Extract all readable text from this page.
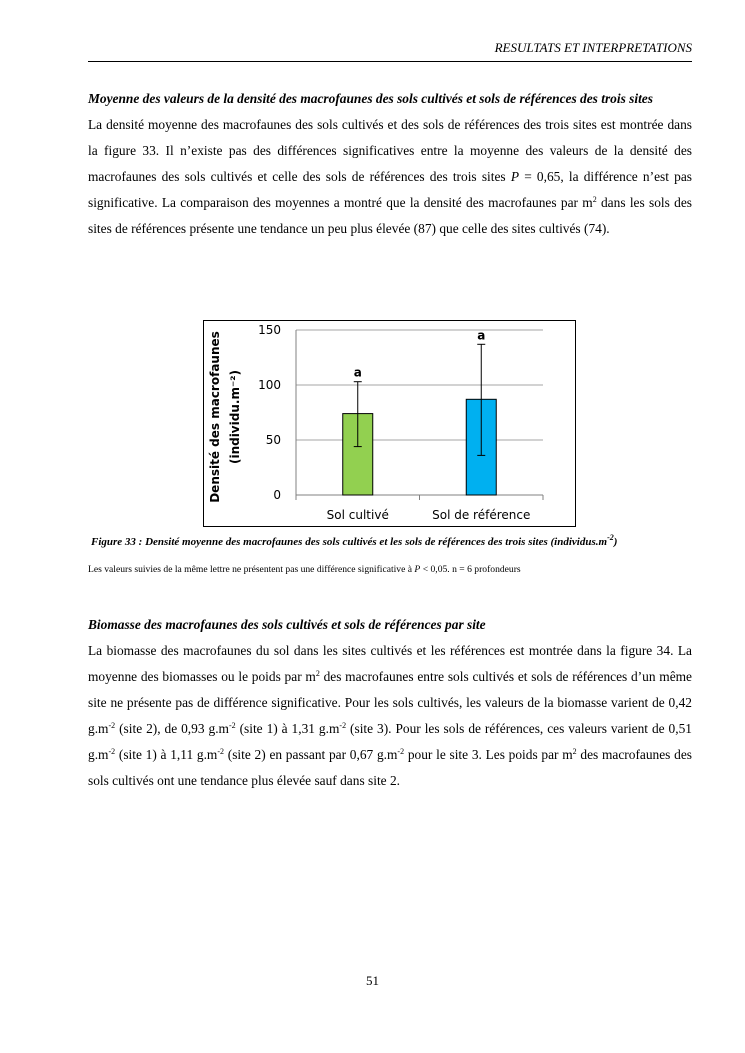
RESULTATS ET INTERPRETATIONS
Moyenne des valeurs de la densité des macrofaunes des sols cultivés et sols de références des trois sites

La densité moyenne des macrofaunes des sols cultivés et des sols de références des trois sites est montrée dans la figure 33. Il n’existe pas des différences significatives entre la moyenne des valeurs de la densité des macrofaunes des sols cultivés et celle des sols de références des trois sites P = 0,65, la différence n’est pas significative. La comparaison des moyennes a montré que la densité des macrofaunes par $m^2$ dans les sols des sites de références présente une tendance un peu plus élevée (87) que celle des sites cultivés (74).

0
50
100
150
a
a
Sol cultivé	Sol de référence
Densité des macrofaunes (individu.m⁻²)
Figure 33 : Densité moyenne des macrofaunes des sols cultivés et les sols de références des trois sites $(individus.m^{-2})$
Les valeurs suivies de la même lettre ne présentent pas une différence significative à P < 0,05. n = 6 profondeurs
Biomasse des macrofaunes des sols cultivés et sols de références par site

La biomasse des macrofaunes du sol dans les sites cultivés et les références est montrée dans la figure 34. La moyenne des biomasses ou le poids par $m^2$ des macrofaunes entre sols cultivés et sols de références d’un même site ne présente pas de différence significative. Pour les sols cultivés, les valeurs de la biomasse varient de 0,42 $g.m^{-2}$ (site 2), de 0,93 $g.m^{-2}$ (site 1) à 1,31 $g.m^{-2}$ (site 3). Pour les sols de références, ces valeurs varient de 0,51 $g.m^{-2}$ (site 1) à 1,11 $g.m^{-2}$ (site 2) en passant par 0,67 $g.m^{-2}$ pour le site 3. Les poids par $m^2$ des macrofaunes des sols cultivés ont une tendance plus élevée sauf dans site 2.

51
